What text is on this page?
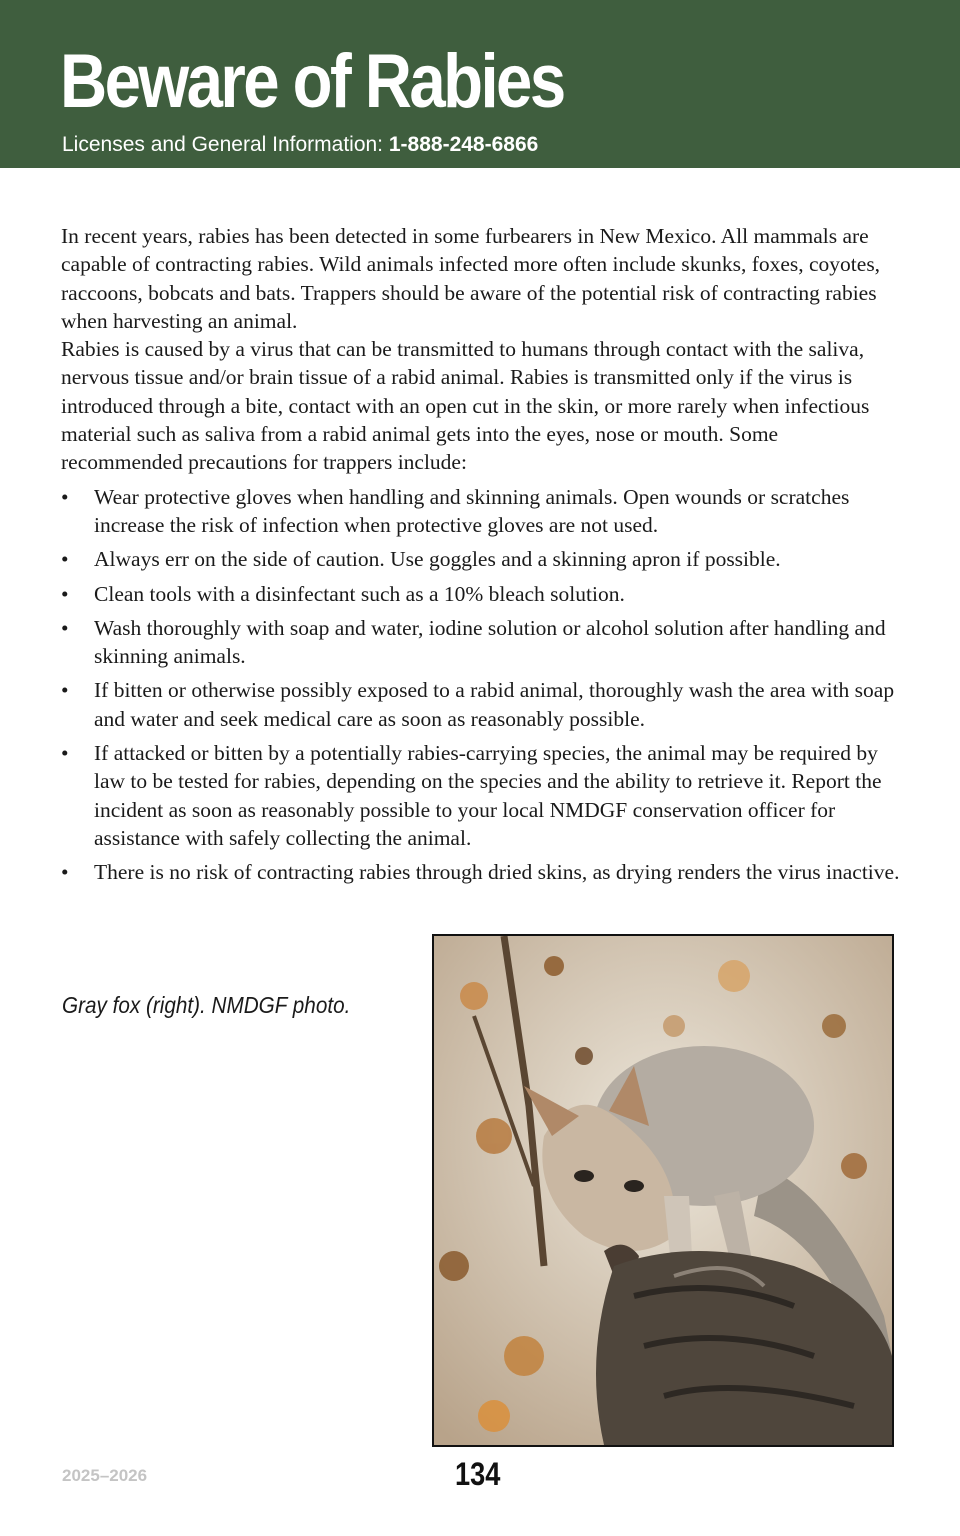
Beware of Rabies
Licenses and General Information: 1-888-248-6866

In recent years, rabies has been detected in some furbearers in New Mexico. All mammals are capable of contracting rabies. Wild animals infected more often include skunks, foxes, coyotes, raccoons, bobcats and bats. Trappers should be aware of the potential risk of contracting rabies when harvesting an animal.

Rabies is caused by a virus that can be transmitted to humans through contact with the saliva, nervous tissue and/or brain tissue of a rabid animal. Rabies is transmitted only if the virus is introduced through a bite, contact with an open cut in the skin, or more rarely when infectious material such as saliva from a rabid animal gets into the eyes, nose or mouth. Some recommended precautions for trappers include:

• Wear protective gloves when handling and skinning animals. Open wounds or scratches increase the risk of infection when protective gloves are not used.
• Always err on the side of caution. Use goggles and a skinning apron if possible.
• Clean tools with a disinfectant such as a 10% bleach solution.
• Wash thoroughly with soap and water, iodine solution or alcohol solution after handling and skinning animals.
• If bitten or otherwise possibly exposed to a rabid animal, thoroughly wash the area with soap and water and seek medical care as soon as reasonably possible.
• If attacked or bitten by a potentially rabies-carrying species, the animal may be required by law to be tested for rabies, depending on the species and the ability to retrieve it. Report the incident as soon as reasonably possible to your local NMDGF conservation officer for assistance with safely collecting the animal.
• There is no risk of contracting rabies through dried skins, as drying renders the virus inactive.
Gray fox (right). NMDGF photo.
2025–2026	134
